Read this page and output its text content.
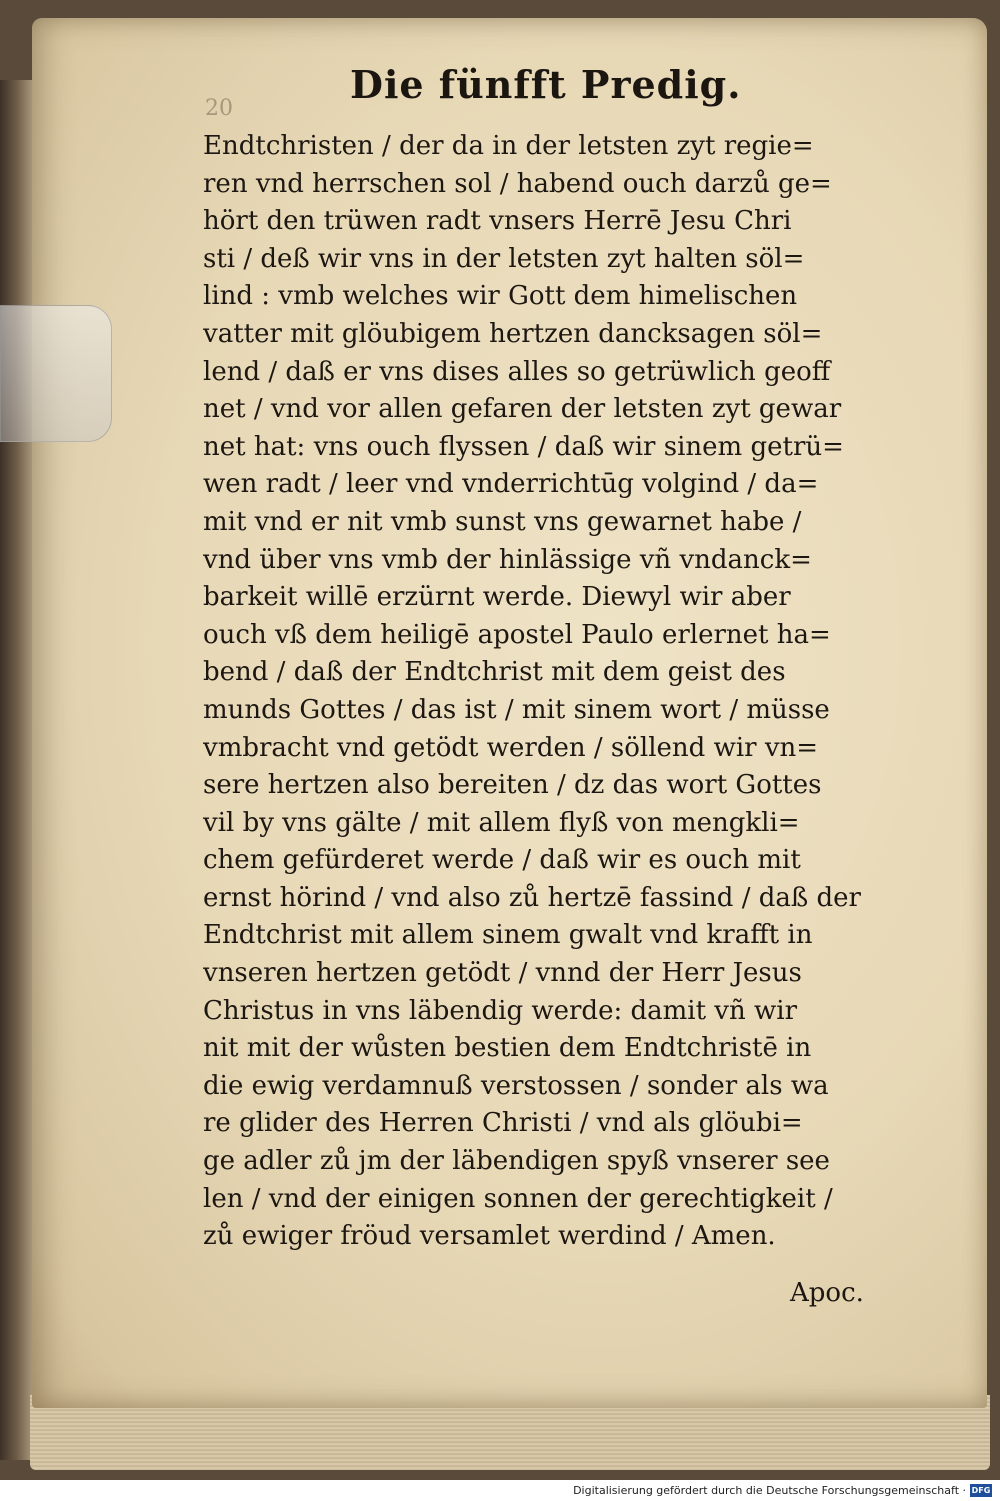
20
Die fünfft Predig.
Endtchristen / der da in der letsten zyt regie=
ren vnd herrschen sol / habend ouch darzů ge=
hört den trüwen radt vnsers Herrē Jesu Chri
sti / deß wir vns in der letsten zyt halten söl=
lind : vmb welches wir Gott dem himelischen
vatter mit glöubigem hertzen dancksagen söl=
lend / daß er vns dises alles so getrüwlich geoff
net / vnd vor allen gefaren der letsten zyt gewar
net hat: vns ouch flyssen / daß wir sinem getrü=
wen radt / leer vnd vnderrichtūg volgind / da=
mit vnd er nit vmb sunst vns gewarnet habe /
vnd über vns vmb der hinlässige vñ vndanck=
barkeit willē erzürnt werde. Diewyl wir aber
ouch vß dem heiligē apostel Paulo erlernet ha=
bend / daß der Endtchrist mit dem geist des
munds Gottes / das ist / mit sinem wort / müsse
vmbracht vnd getödt werden / söllend wir vn=
sere hertzen also bereiten / dz das wort Gottes
vil by vns gälte / mit allem flyß von mengkli=
chem gefürderet werde / daß wir es ouch mit
ernst hörind / vnd also zů hertzē fassind / daß der
Endtchrist mit allem sinem gwalt vnd krafft in
vnseren hertzen getödt / vnnd der Herr Jesus
Christus in vns läbendig werde: damit vñ wir
nit mit der wůsten bestien dem Endtchristē in
die ewig verdamnuß verstossen / sonder als wa
re glider des Herren Christi / vnd als glöubi=
ge adler zů jm der läbendigen spyß vnserer see
len / vnd der einigen sonnen der gerechtigkeit /
zů ewiger fröud versamlet werdind / Amen.
Apoc.
Digitalisierung gefördert durch die Deutsche Forschungsgemeinschaft · DFG
